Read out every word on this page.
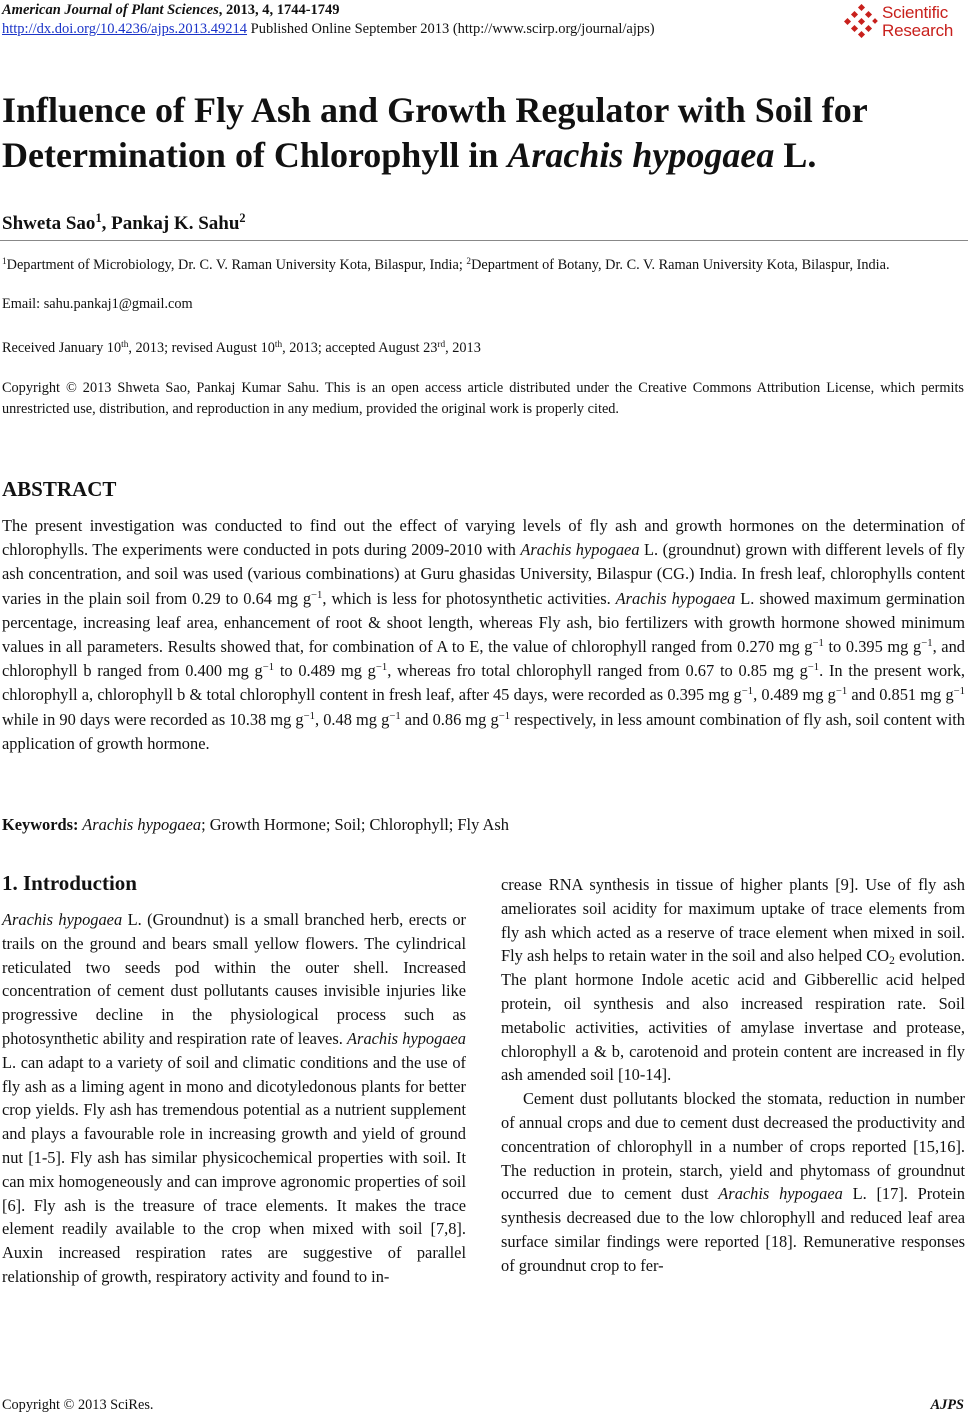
American Journal of Plant Sciences, 2013, 4, 1744-1749
http://dx.doi.org/10.4236/ajps.2013.49214 Published Online September 2013 (http://www.scirp.org/journal/ajps)
Scientific
Research
Influence of Fly Ash and Growth Regulator with Soil for Determination of Chlorophyll in Arachis hypogaea L.
Shweta Sao$^1$, Pankaj K. Sahu$^2$
$^1$Department of Microbiology, Dr. C. V. Raman University Kota, Bilaspur, India; $^2$Department of Botany, Dr. C. V. Raman University Kota, Bilaspur, India.
Email: sahu.pankaj1@gmail.com
Received January 10th, 2013; revised August 10th, 2013; accepted August 23rd, 2013
Copyright © 2013 Shweta Sao, Pankaj Kumar Sahu. This is an open access article distributed under the Creative Commons Attribution License, which permits unrestricted use, distribution, and reproduction in any medium, provided the original work is properly cited.
ABSTRACT

The present investigation was conducted to find out the effect of varying levels of fly ash and growth hormones on the determination of chlorophylls. The experiments were conducted in pots during 2009-2010 with Arachis hypogaea L. (groundnut) grown with different levels of fly ash concentration, and soil was used (various combinations) at Guru ghasidas University, Bilaspur (CG.) India. In fresh leaf, chlorophylls content varies in the plain soil from 0.29 to 0.64 mg $g^{-1}$, which is less for photosynthetic activities. Arachis hypogaea L. showed maximum germination percentage, increasing leaf area, enhancement of root & shoot length, whereas Fly ash, bio fertilizers with growth hormone showed minimum values in all parameters. Results showed that, for combination of A to E, the value of chlorophyll ranged from 0.270 mg $g^{-1}$ to 0.395 mg $g^{-1}$, and chlorophyll b ranged from 0.400 mg $g^{-1}$ to 0.489 mg $g^{-1}$, whereas fro total chlorophyll ranged from 0.67 to 0.85 mg $g^{-1}$. In the present work, chlorophyll a, chlorophyll b & total chlorophyll content in fresh leaf, after 45 days, were recorded as 0.395 mg $g^{-1}$, 0.489 mg $g^{-1}$ and 0.851 mg $g^{-1}$ while in 90 days were recorded as 10.38 mg $g^{-1}$, 0.48 mg $g^{-1}$ and 0.86 mg $g^{-1}$ respectively, in less amount combination of fly ash, soil content with application of growth hormone.

Keywords: Arachis hypogaea; Growth Hormone; Soil; Chlorophyll; Fly Ash
1. Introduction

Arachis hypogaea L. (Groundnut) is a small branched herb, erects or trails on the ground and bears small yellow flowers. The cylindrical reticulated two seeds pod within the outer shell. Increased concentration of cement dust pollutants causes invisible injuries like progressive decline in the physiological process such as photosynthetic ability and respiration rate of leaves. Arachis hypogaea L. can adapt to a variety of soil and climatic conditions and the use of fly ash as a liming agent in mono and dicotyledonous plants for better crop yields. Fly ash has tremendous potential as a nutrient supplement and plays a favourable role in increasing growth and yield of ground nut [1-5]. Fly ash has similar physicochemical properties with soil. It can mix homogeneously and can improve agronomic properties of soil [6]. Fly ash is the treasure of trace elements. It makes the trace element readily available to the crop when mixed with soil [7,8]. Auxin increased respiration rates are suggestive of parallel relationship of growth, respiratory activity and found to in-

crease RNA synthesis in tissue of higher plants [9]. Use of fly ash ameliorates soil acidity for maximum uptake of trace elements from fly ash which acted as a reserve of trace element when mixed in soil. Fly ash helps to retain water in the soil and also helped $CO_2$ evolution. The plant hormone Indole acetic acid and Gibberellic acid helped protein, oil synthesis and also increased respiration rate. Soil metabolic activities, activities of amylase invertase and protease, chlorophyll a & b, carotenoid and protein content are increased in fly ash amended soil [10-14].

Cement dust pollutants blocked the stomata, reduction in number of annual crops and due to cement dust decreased the productivity and concentration of chlorophyll in a number of crops reported [15,16]. The reduction in protein, starch, yield and phytomass of groundnut occurred due to cement dust Arachis hypogaea L. [17]. Protein synthesis decreased due to the low chlorophyll and reduced leaf area surface similar findings were reported [18]. Remunerative responses of groundnut crop to fer-

Copyright © 2013 SciRes.	AJPS
